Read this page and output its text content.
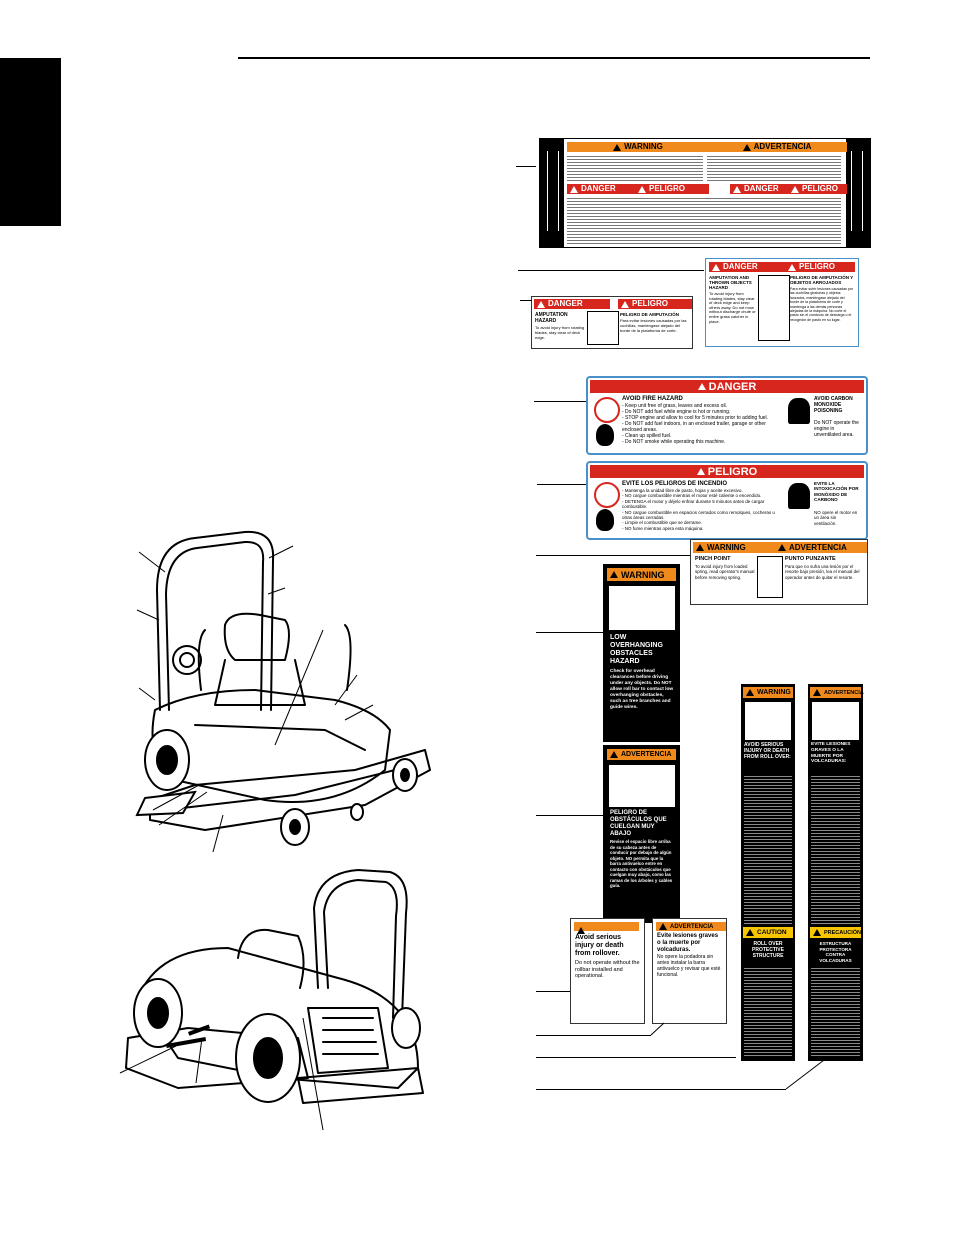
WARNING	ADVERTENCIA
DANGER	PELIGRO	DANGER	PELIGRO
DANGER	PELIGRO
AMPUTATION HAZARD
To avoid injury from rotating blades, stay clear of deck edge.
PELIGRO DE AMPUTACIÓN
Para evitar lesiones causadas por las cuchillas, manténgase alejado del borde de la plataforma de corte.
DANGER	PELIGRO
AMPUTATION AND THROWN OBJECTS HAZARD
To avoid injury from rotating blades, stay clear of deck edge and keep others away. Do not mow without discharge chute or entire grass catcher in place.
PELIGRO DE AMPUTACIÓN Y OBJETOS ARROJADOS
Para evitar sufrir lesiones causadas por las cuchillas giratorias y objetos lanzados, manténgase alejado del borde de la plataforma de corte y mantenga a las demás personas alejadas de la máquina. No corte el pasto sin el conducto de descarga o el recogedor de pasto en su lugar.
DANGER
AVOID FIRE HAZARD
- Keep unit free of grass, leaves and excess oil.
- Do NOT add fuel while engine is hot or running.
- STOP engine and allow to cool for 5 minutes prior to adding fuel.
- Do NOT add fuel indoors, in an enclosed trailer, garage or other enclosed areas.
- Clean up spilled fuel.
- Do NOT smoke while operating this machine.
AVOID CARBON MONOXIDE POISONING
Do NOT operate the engine in unventilated area.
PELIGRO
EVITE LOS PELIGROS DE INCENDIO
- Mantenga la unidad libre de pasto, hojas y aceite excesivo.
- NO cargue combustible mientras el motor esté caliente o encendido.
- DETENGA el motor y déjelo enfriar durante 5 minutos antes de cargar combustible.
- NO cargue combustible en espacios cerrados como remolques, cocheras u otras áreas cerradas.
- Limpie el combustible que se derrame.
- NO fume mientras opera esta máquina.
EVITE LA INTOXICACIÓN POR MONÓXIDO DE CARBONO
NO opere el motor en un área sin ventilación.
WARNING	ADVERTENCIA
PINCH POINT
To avoid injury from loaded spring, read operator's manual before removing spring.
PUNTO PUNZANTE
Para que no sufra una lesión por el resorte bajo presión, lea el manual del operador antes de quitar el resorte.
WARNING
LOW OVERHANGING OBSTACLES HAZARD
Check for overhead clearances before driving under any objects. Do NOT allow roll bar to contact low overhanging obstacles, such as tree branches and guide wires.
ADVERTENCIA
PELIGRO DE OBSTÁCULOS QUE CUELGAN MUY ABAJO
Revise el espacio libre arriba de su cabeza antes de conducir por debajo de algún objeto. NO permita que la barra antivuelco entre en contacto con obstáculos que cuelgan muy abajo, como las ramas de los árboles y cables guía.
Avoid serious injury or death from rollover.
Do not operate without the rollbar installed and operational.
ADVERTENCIA
Evite lesiones graves o la muerte por volcaduras.
No opere la podadora sin antes instalar la barra antivuelco y revisar que esté funcional.
WARNING
AVOID SERIOUS INJURY OR DEATH FROM ROLL OVER:
CAUTION
ROLL OVER PROTECTIVE STRUCTURE
ADVERTENCIA
EVITE LESIONES GRAVES O LA MUERTE POR VOLCADURAS:
PRECAUCIÓN
ESTRUCTURA PROTECTORA CONTRA VOLCADURAS
